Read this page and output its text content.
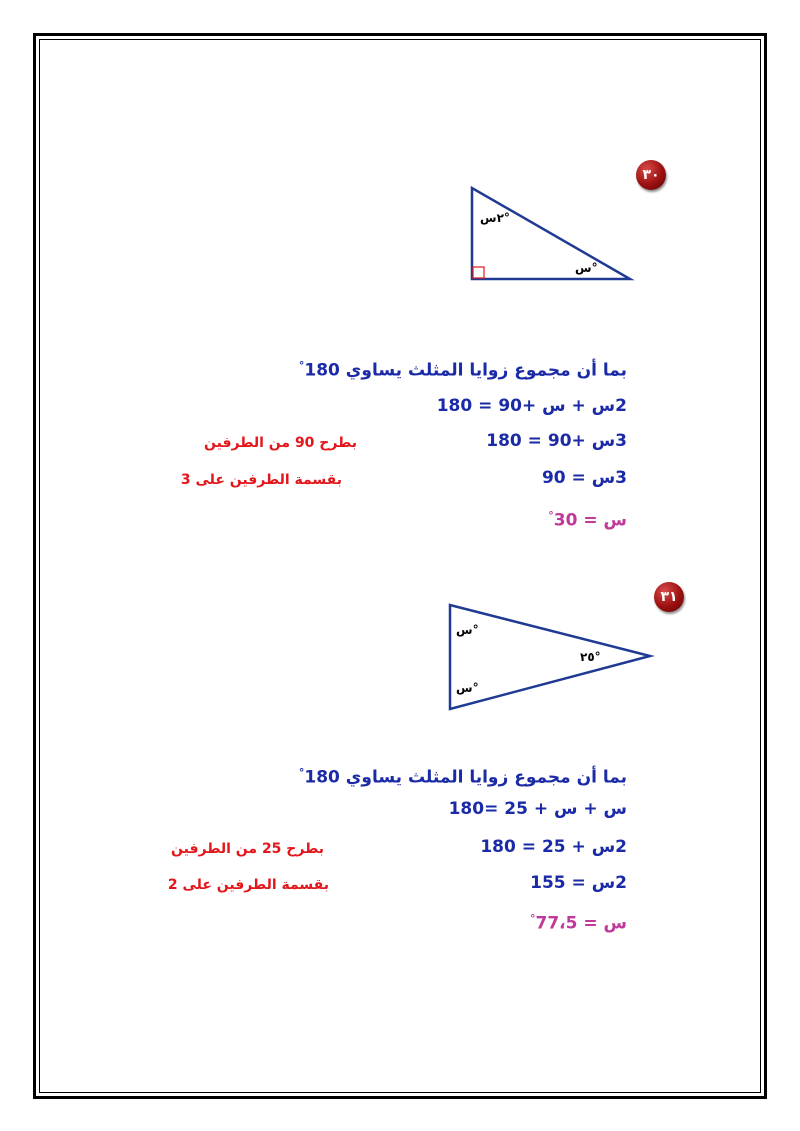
٣٠
٢س°
س°
بما أن مجموع زوايا المثلث يساوي 180°
2س + س +90 = 180
3س +90 = 180
بطرح 90 من الطرفين
3س = 90
بقسمة الطرفين على 3
س = 30°
٣١
س°
س°
٢٥°
بما أن مجموع زوايا المثلث يساوي 180°
س + س + 25 =180
2س + 25 = 180
بطرح 25 من الطرفين
2س = 155
بقسمة الطرفين على 2
س = 77،5°
